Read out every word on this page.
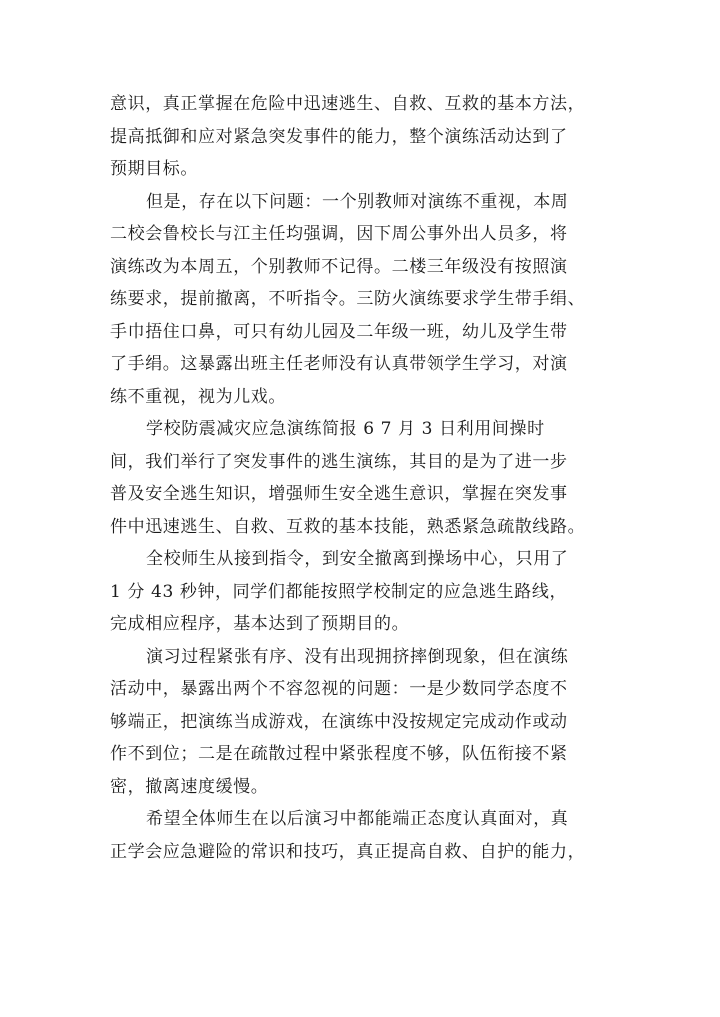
意识，真正掌握在危险中迅速逃生、自救、互救的基本方法，
提高抵御和应对紧急突发事件的能力，整个演练活动达到了
预期目标。
但是，存在以下问题：一个别教师对演练不重视，本周
二校会鲁校长与江主任均强调，因下周公事外出人员多，将
演练改为本周五，个别教师不记得。二楼三年级没有按照演
练要求，提前撤离，不听指令。三防火演练要求学生带手绢、
手巾捂住口鼻，可只有幼儿园及二年级一班，幼儿及学生带
了手绢。这暴露出班主任老师没有认真带领学生学习，对演
练不重视，视为儿戏。
学校防震减灾应急演练简报 6 7 月 3 日利用间操时
间，我们举行了突发事件的逃生演练，其目的是为了进一步
普及安全逃生知识，增强师生安全逃生意识，掌握在突发事
件中迅速逃生、自救、互救的基本技能，熟悉紧急疏散线路。
全校师生从接到指令，到安全撤离到操场中心，只用了
1 分 43 秒钟，同学们都能按照学校制定的应急逃生路线，
完成相应程序，基本达到了预期目的。
演习过程紧张有序、没有出现拥挤摔倒现象，但在演练
活动中，暴露出两个不容忽视的问题：一是少数同学态度不
够端正，把演练当成游戏，在演练中没按规定完成动作或动
作不到位；二是在疏散过程中紧张程度不够，队伍衔接不紧
密，撤离速度缓慢。
希望全体师生在以后演习中都能端正态度认真面对，真
正学会应急避险的常识和技巧，真正提高自救、自护的能力，
